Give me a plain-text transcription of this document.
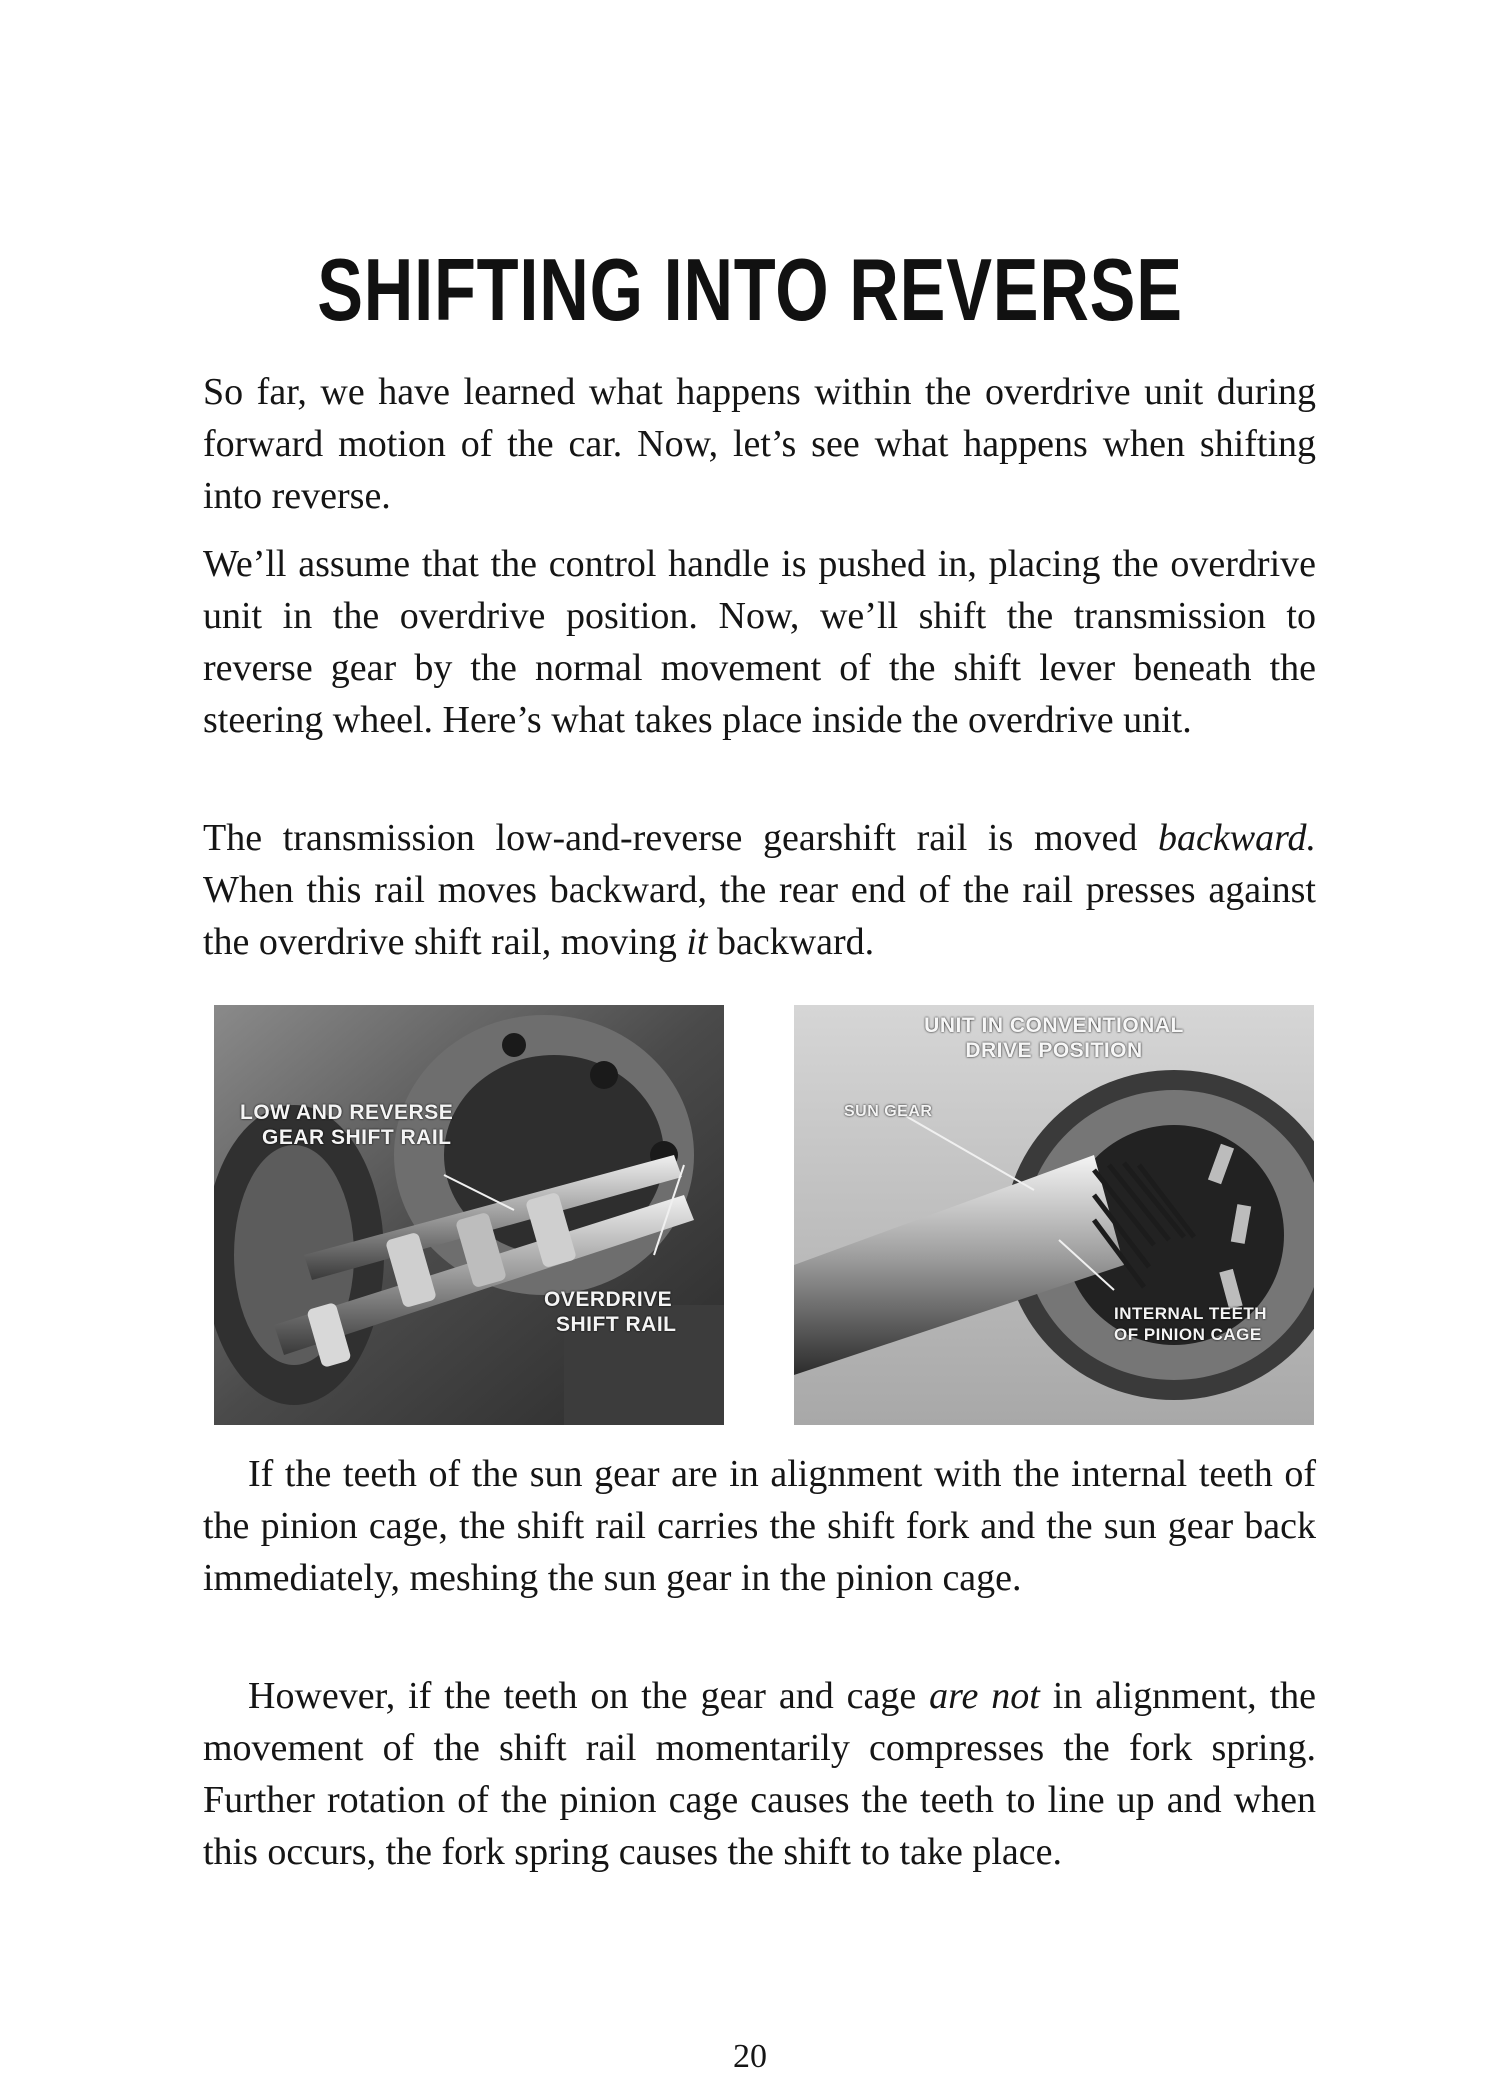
SHIFTING INTO REVERSE

So far, we have learned what happens within the overdrive unit during forward motion of the car. Now, let’s see what happens when shifting into reverse.

We’ll assume that the control handle is pushed in, placing the overdrive unit in the overdrive position. Now, we’ll shift the transmission to reverse gear by the normal movement of the shift lever beneath the steering wheel. Here’s what takes place inside the overdrive unit.

The transmission low-and-reverse gearshift rail is moved backward. When this rail moves backward, the rear end of the rail presses against the overdrive shift rail, moving it backward.

LOW AND REVERSE
GEAR SHIFT RAIL
OVERDRIVE
SHIFT RAIL
UNIT IN CONVENTIONAL
DRIVE POSITION
SUN GEAR
INTERNAL TEETH
OF PINION CAGE

If the teeth of the sun gear are in alignment with the internal teeth of the pinion cage, the shift rail carries the shift fork and the sun gear back immediately, meshing the sun gear in the pinion cage.

However, if the teeth on the gear and cage are not in alignment, the movement of the shift rail momentarily compresses the fork spring. Further rotation of the pinion cage causes the teeth to line up and when this occurs, the fork spring causes the shift to take place.

20
